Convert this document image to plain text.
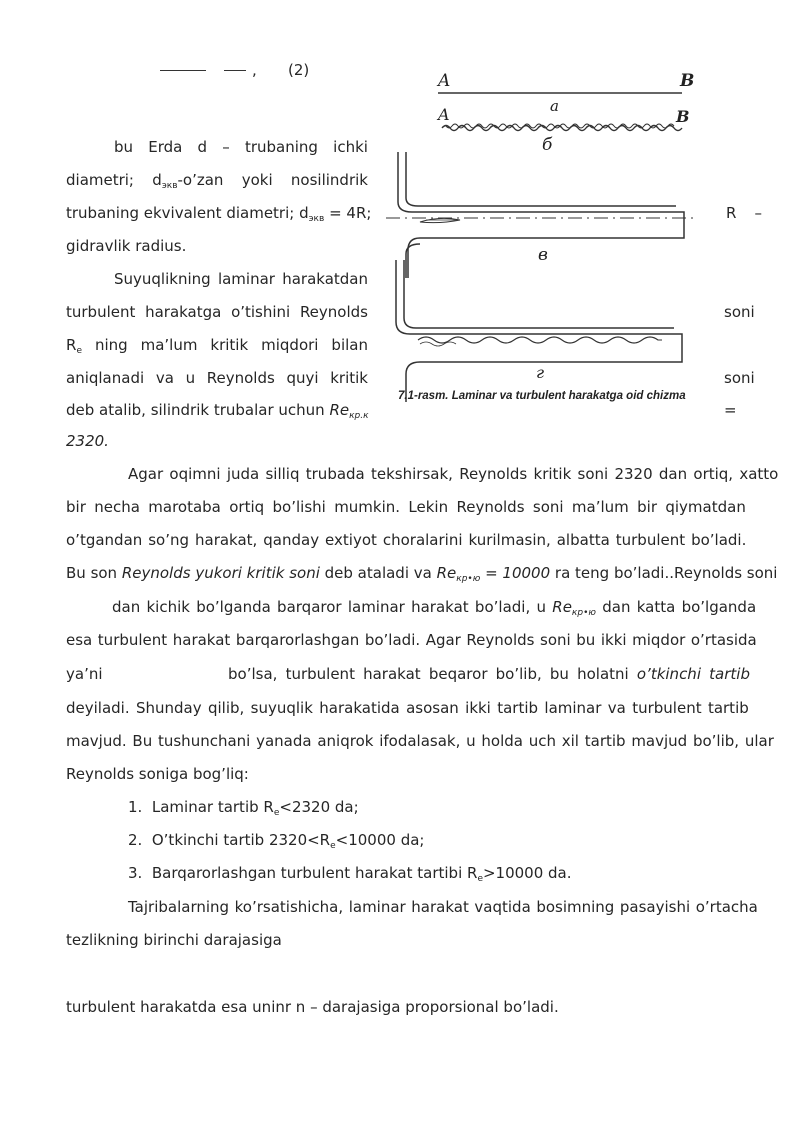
, (2)
bu Erda d – trubaning ichki
diametri; $d_{экв}-o’zan$ yoki nosilindrik
trubaning ekvivalent diametri; $d_{экв} = 4R$;	R –
gidravlik radius.
Suyuqlikning laminar harakatdan
turbulent harakatga o’tishini Reynolds	soni
$R_e$ ning ma’lum kritik miqdori bilan
aniqlanadi va u Reynolds quyi kritik	soni
deb atalib, silindrik trubalar uchun $Re_{кр.к}$	=
2320.
A	B
A	a
B
б
в
г
7.1-rasm. Laminar va turbulent harakatga oid chizma
Agar oqimni juda silliq trubada tekshirsak, Reynolds kritik soni 2320 dan ortiq, xatto
bir necha marotaba ortiq bo’lishi mumkin. Lekin Reynolds soni ma’lum bir qiymatdan
o’tgandan so’ng harakat, qanday extiyot choralarini kurilmasin, albatta turbulent bo’ladi.
Bu son Reynolds yukori kritik soni deb ataladi va $Re_{кр•ю} = 10000$ ra teng bo’ladi..Reynolds soni
dan kichik bo’lganda barqaror laminar harakat bo’ladi, u $Re_{кр•ю}$ dan katta bo’lganda
esa turbulent harakat barqarorlashgan bo’ladi. Agar Reynolds soni bu ikki miqdor o’rtasida
ya’ni	bo’lsa, turbulent harakat beqaror bo’lib, bu holatni o’tkinchi tartib
deyiladi. Shunday qilib, suyuqlik harakatida asosan ikki tartib laminar va turbulent tartib
mavjud. Bu tushunchani yanada aniqrok ifodalasak, u holda uch xil tartib mavjud bo’lib, ular
Reynolds soniga bog’liq:
1. Laminar tartib $R_e<2320$ da;
2. O’tkinchi tartib $2320<R_e<10000$ da;
3. Barqarorlashgan turbulent harakat tartibi $R_e>10000$ da.
Tajribalarning ko’rsatishicha, laminar harakat vaqtida bosimning pasayishi o’rtacha
tezlikning birinchi darajasiga
turbulent harakatda esa uninr n – darajasiga proporsional bo’ladi.
